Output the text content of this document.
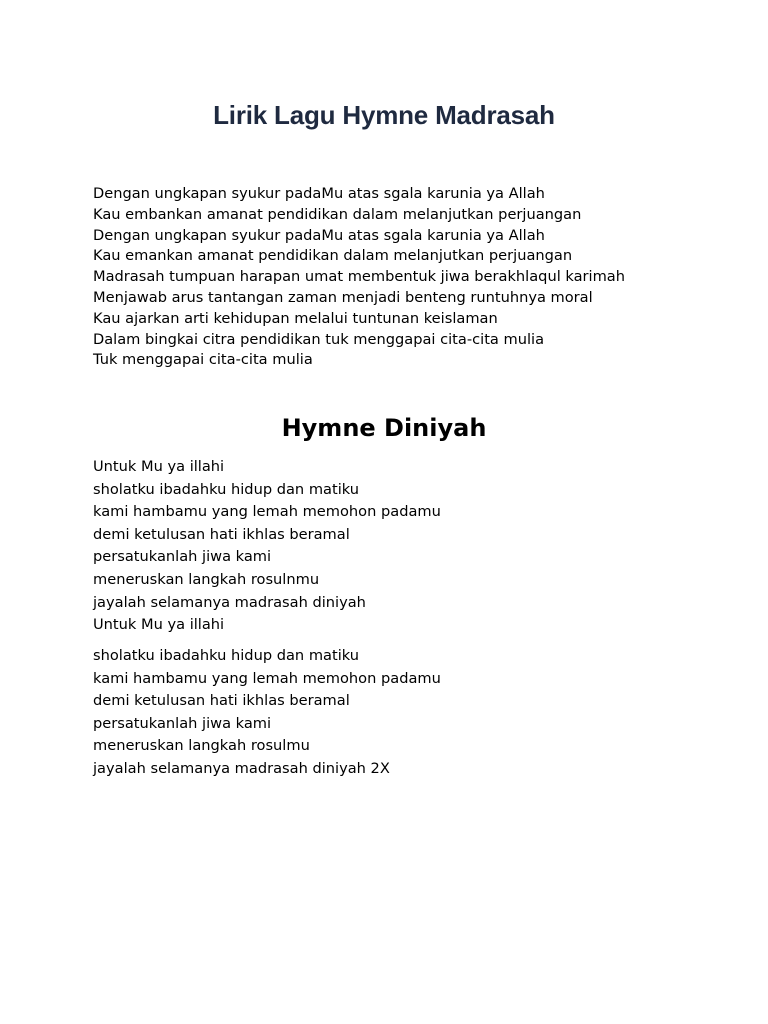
Lirik Lagu Hymne Madrasah
Dengan ungkapan syukur padaMu atas sgala karunia ya Allah
Kau embankan amanat pendidikan dalam melanjutkan perjuangan
Dengan ungkapan syukur padaMu atas sgala karunia ya Allah
Kau emankan amanat pendidikan dalam melanjutkan perjuangan
Madrasah tumpuan harapan umat membentuk jiwa berakhlaqul karimah
Menjawab arus tantangan zaman menjadi benteng runtuhnya moral
Kau ajarkan arti kehidupan melalui tuntunan keislaman
Dalam bingkai citra pendidikan tuk menggapai cita-cita mulia
Tuk menggapai cita-cita mulia
Hymne Diniyah
Untuk Mu ya illahi
sholatku ibadahku hidup dan matiku
kami hambamu yang lemah memohon padamu
demi ketulusan hati ikhlas beramal
persatukanlah jiwa kami
meneruskan langkah rosulnmu
jayalah selamanya madrasah diniyah
Untuk Mu ya illahi
sholatku ibadahku hidup dan matiku
kami hambamu yang lemah memohon padamu
demi ketulusan hati ikhlas beramal
persatukanlah jiwa kami
meneruskan langkah rosulmu
jayalah selamanya madrasah diniyah 2X
